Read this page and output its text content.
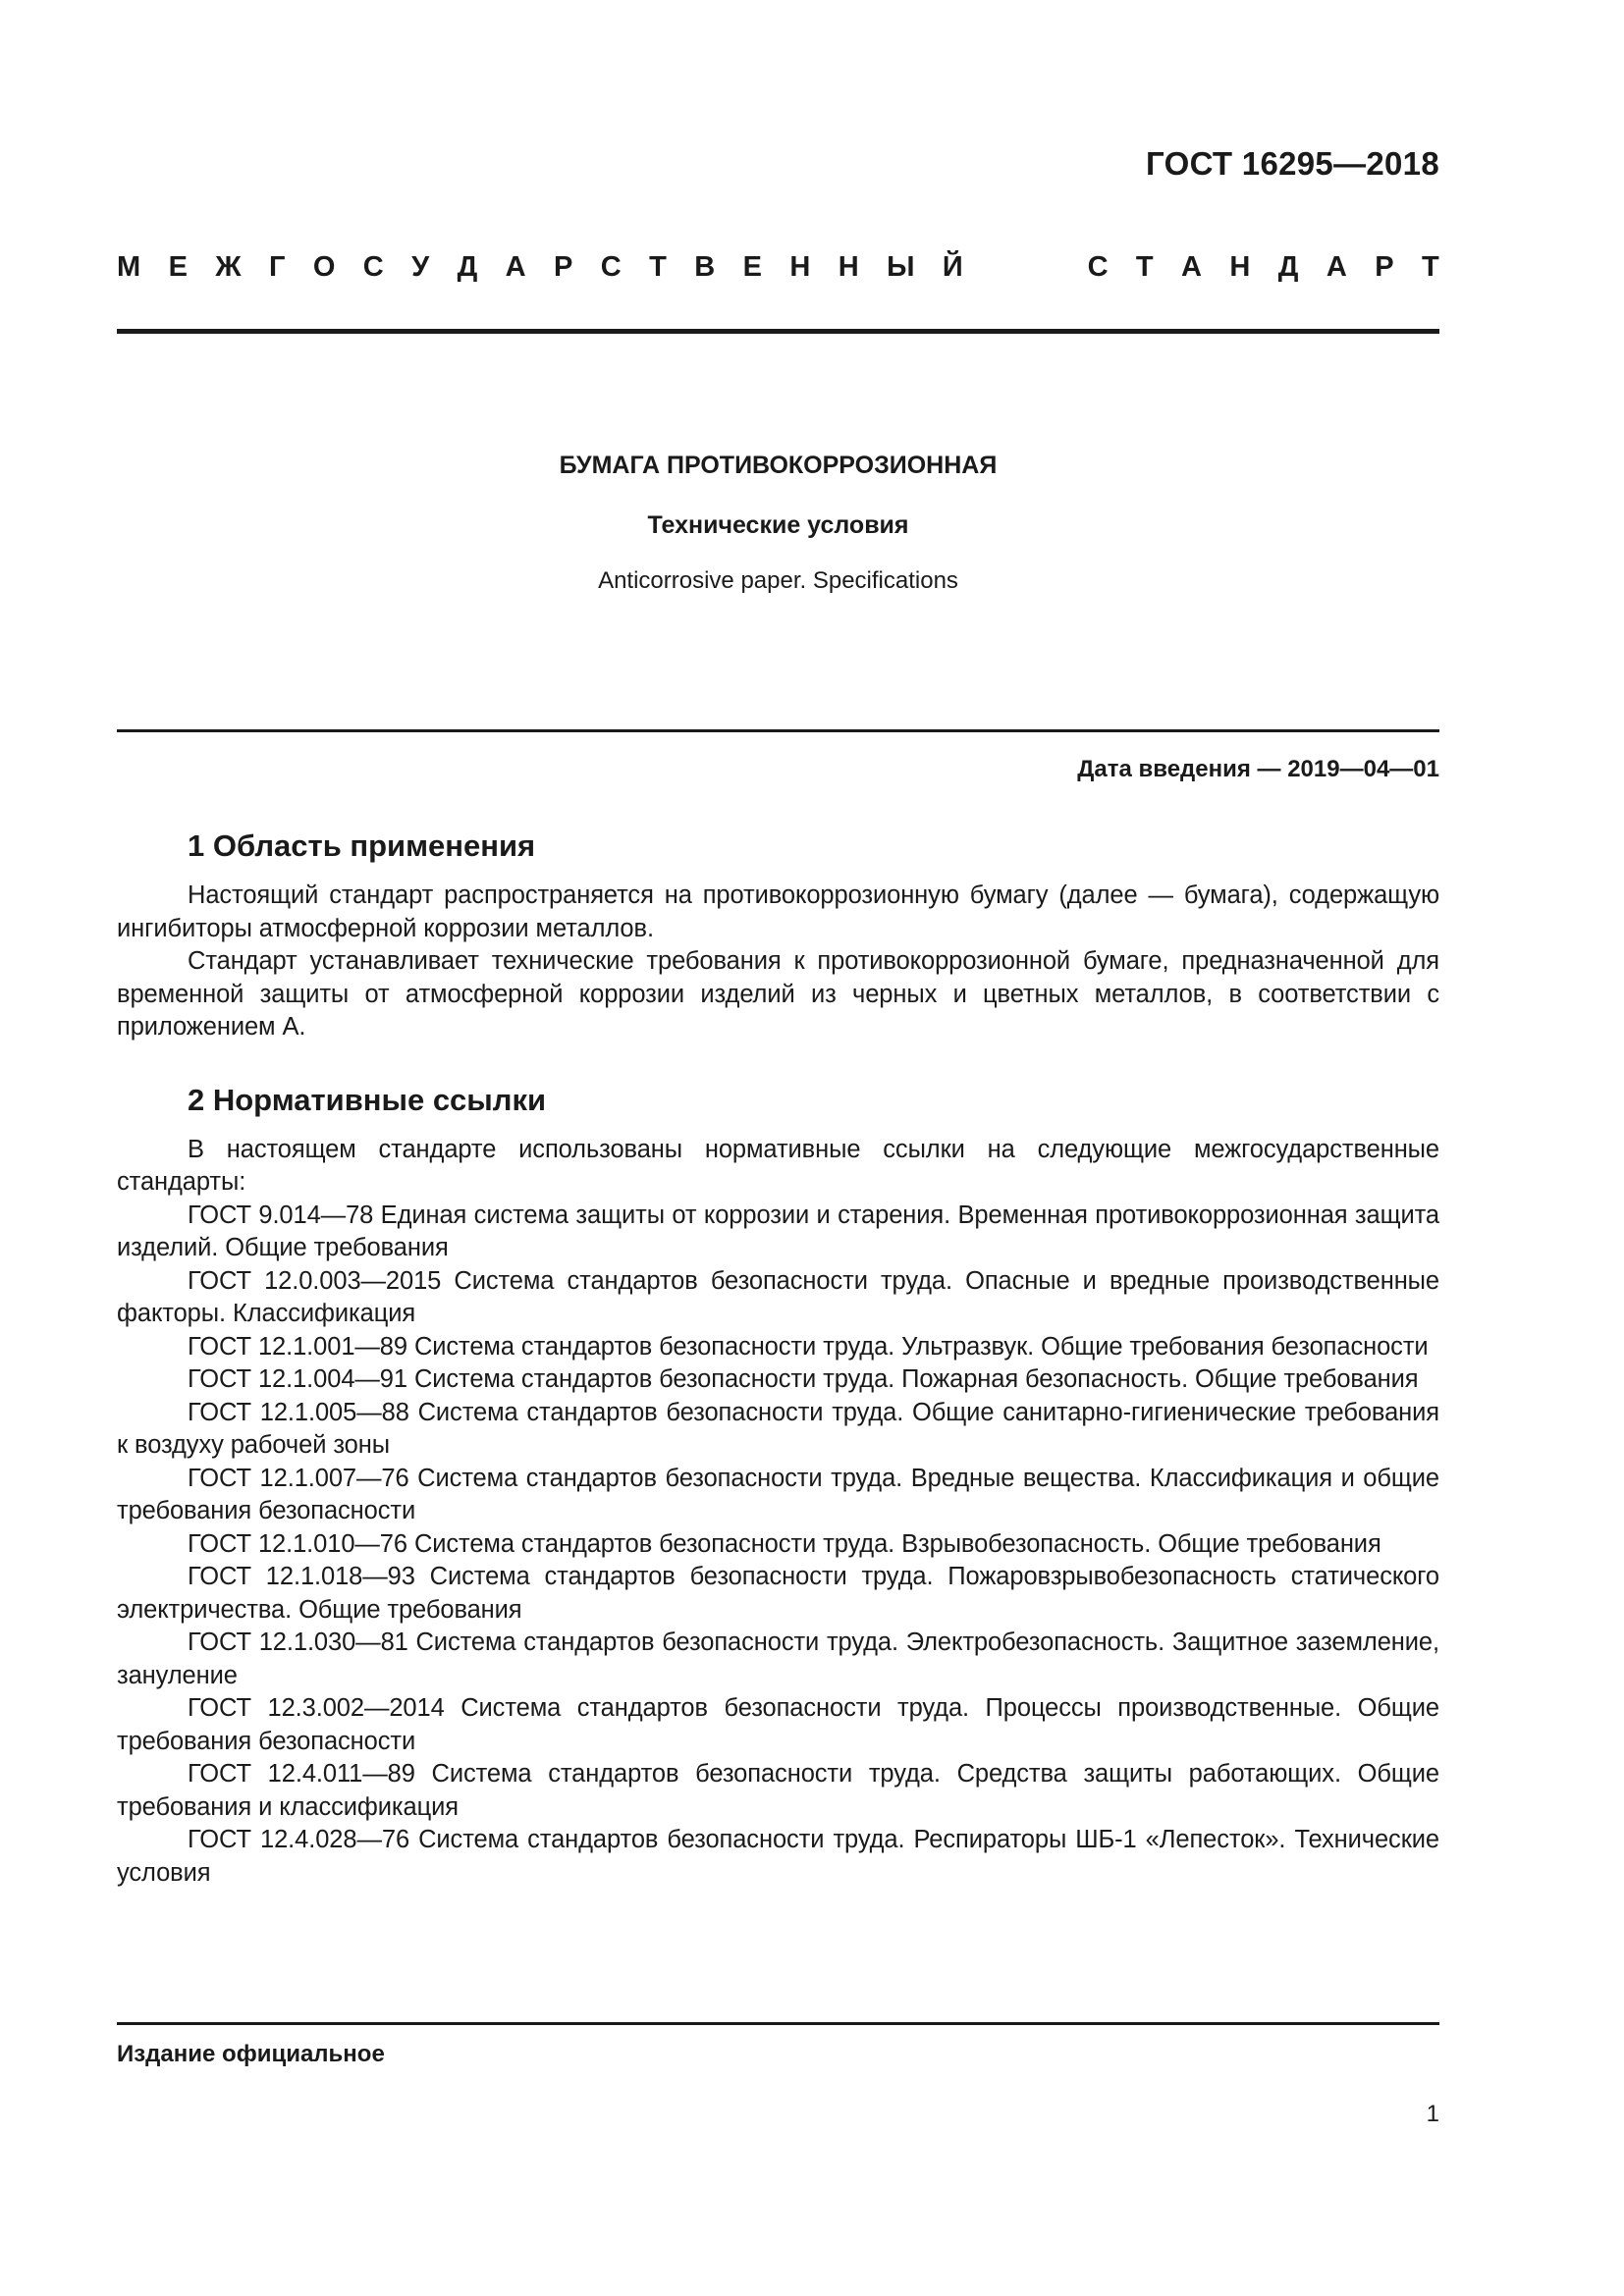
ГОСТ 16295—2018
М Е Ж Г О С У Д А Р С Т В Е Н Н Ы Й	С Т А Н Д А Р Т

БУМАГА ПРОТИВОКОРРОЗИОННАЯ

Технические условия

Anticorrosive paper. Specifications

Дата введения — 2019—04—01
1 Область применения

Настоящий стандарт распространяется на противокоррозионную бумагу (далее — бумага), содержащую ингибиторы атмосферной коррозии металлов.

Стандарт устанавливает технические требования к противокоррозионной бумаге, предназначенной для временной защиты от атмосферной коррозии изделий из черных и цветных металлов, в соответствии с приложением А.

2 Нормативные ссылки

В настоящем стандарте использованы нормативные ссылки на следующие межгосударственные стандарты:

ГОСТ 9.014—78 Единая система защиты от коррозии и старения. Временная противокоррозионная защита изделий. Общие требования

ГОСТ 12.0.003—2015 Система стандартов безопасности труда. Опасные и вредные производственные факторы. Классификация

ГОСТ 12.1.001—89 Система стандартов безопасности труда. Ультразвук. Общие требования безопасности

ГОСТ 12.1.004—91 Система стандартов безопасности труда. Пожарная безопасность. Общие требования

ГОСТ 12.1.005—88 Система стандартов безопасности труда. Общие санитарно-гигиенические требования к воздуху рабочей зоны

ГОСТ 12.1.007—76 Система стандартов безопасности труда. Вредные вещества. Классификация и общие требования безопасности

ГОСТ 12.1.010—76 Система стандартов безопасности труда. Взрывобезопасность. Общие требования

ГОСТ 12.1.018—93 Система стандартов безопасности труда. Пожаровзрывобезопасность статического электричества. Общие требования

ГОСТ 12.1.030—81 Система стандартов безопасности труда. Электробезопасность. Защитное заземление, зануление

ГОСТ 12.3.002—2014 Система стандартов безопасности труда. Процессы производственные. Общие требования безопасности

ГОСТ 12.4.011—89 Система стандартов безопасности труда. Средства защиты работающих. Общие требования и классификация

ГОСТ 12.4.028—76 Система стандартов безопасности труда. Респираторы ШБ-1 «Лепесток». Технические условия

Издание официальное
1
